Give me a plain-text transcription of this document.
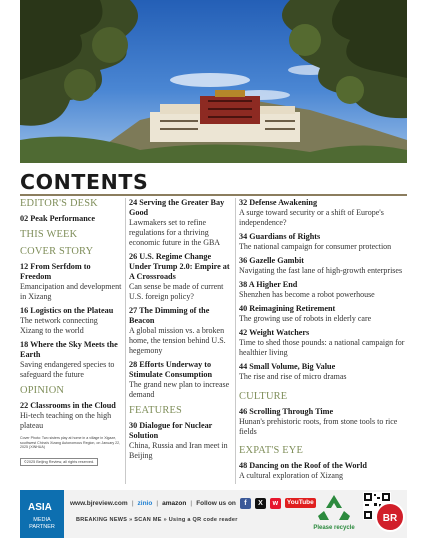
CONTENTS
EDITOR'S DESK
02 Peak Performance
THIS WEEK
COVER STORY
12 From Serfdom to Freedom
Emancipation and development in Xizang
16 Logistics on the Plateau
The network connecting Xizang to the world
18 Where the Sky Meets the Earth
Saving endangered species to safeguard the future
OPINION
22 Classrooms in the Cloud
Hi-tech teaching on the high plateau
Cover Photo: Two sisters play at home in a village in Xigaze, southwest China's Xizang Autonomous Region, on January 22, 2025 (XINHUA)
©2025 Beijing Review, all rights reserved.
24 Serving the Greater Bay Good
Lawmakers set to refine regulations for a thriving economic future in the GBA
26 U.S. Regime Change Under Trump 2.0: Empire at A Crossroads
Can sense be made of current U.S. foreign policy?
27 The Dimming of the Beacon
A global mission vs. a broken home, the tension behind U.S. hegemony
28 Efforts Underway to Stimulate Consumption
The grand new plan to increase demand
FEATURES
30 Dialogue for Nuclear Solution
China, Russia and Iran meet in Beijing
32 Defense Awakening
A surge toward security or a shift of Europe's independence?
34 Guardians of Rights
The national campaign for consumer protection
36 Gazelle Gambit
Navigating the fast lane of high-growth enterprises
38 A Higher End
Shenzhen has become a robot powerhouse
40 Reimagining Retirement
The growing use of robots in elderly care
42 Weight Watchers
Time to shed those pounds: a national campaign for healthier living
44 Small Volume, Big Value
The rise and rise of micro dramas
CULTURE
46 Scrolling Through Time
Hunan's prehistoric roots, from stone tools to rice fields
EXPAT'S EYE
48 Dancing on the Roof of the World
A cultural exploration of Xizang
ASIA
MEDIA PARTNER
www.bjreview.com | zinio | amazon | Follow us on	f	X	w	YouTube
BREAKING NEWS » SCAN ME » Using a QR code reader
Please recycle
BR
